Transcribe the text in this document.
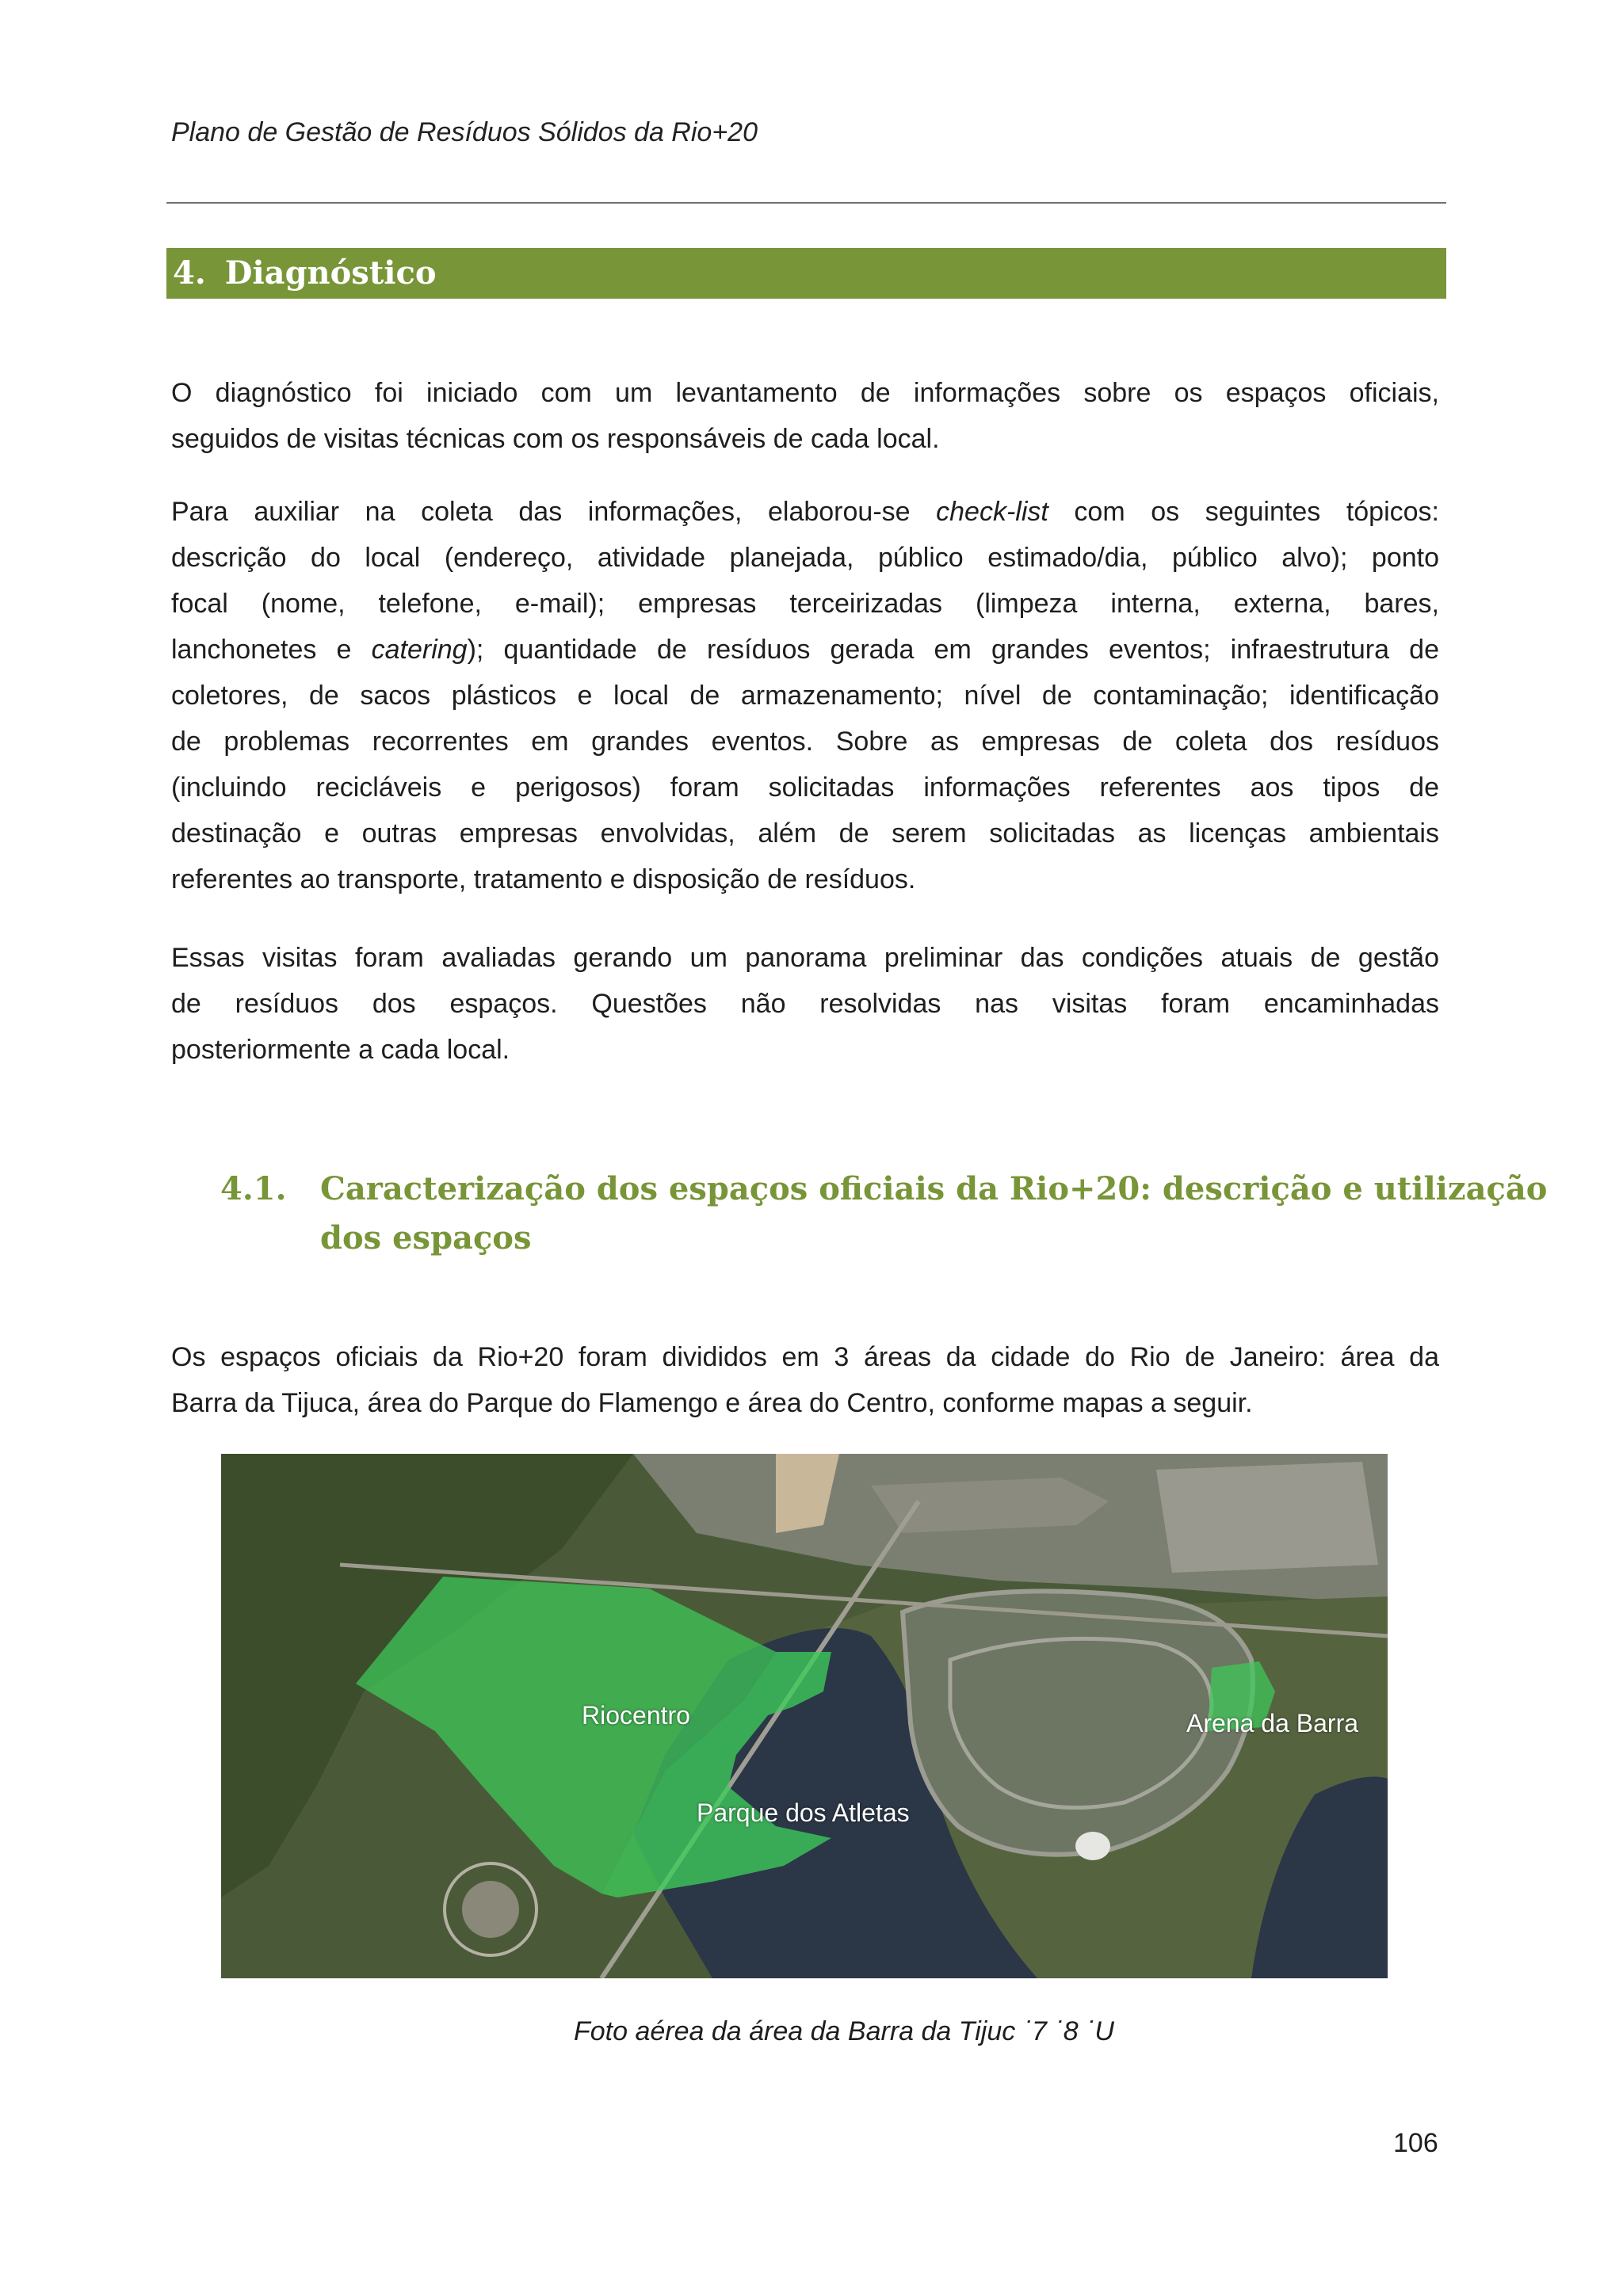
Plano de Gestão de Resíduos Sólidos da Rio+20
4. Diagnóstico
O diagnóstico foi iniciado com um levantamento de informações sobre os espaços oficiais,
seguidos de visitas técnicas com os responsáveis de cada local.
Para auxiliar na coleta das informações, elaborou-se check-list com os seguintes tópicos:
descrição do local (endereço, atividade planejada, público estimado/dia, público alvo); ponto
focal (nome, telefone, e-mail); empresas terceirizadas (limpeza interna, externa, bares,
lanchonetes e catering); quantidade de resíduos gerada em grandes eventos; infraestrutura de
coletores, de sacos plásticos e local de armazenamento; nível de contaminação; identificação
de problemas recorrentes em grandes eventos. Sobre as empresas de coleta dos resíduos
(incluindo recicláveis e perigosos) foram solicitadas informações referentes aos tipos de
destinação e outras empresas envolvidas, além de serem solicitadas as licenças ambientais
referentes ao transporte, tratamento e disposição de resíduos.
Essas visitas foram avaliadas gerando um panorama preliminar das condições atuais de gestão
de resíduos dos espaços. Questões não resolvidas nas visitas foram encaminhadas
posteriormente a cada local.
4.1. Caracterização dos espaços oficiais da Rio+20: descrição e utilização
dos espaços
Os espaços oficiais da Rio+20 foram divididos em 3 áreas da cidade do Rio de Janeiro: área da
Barra da Tijuca, área do Parque do Flamengo e área do Centro, conforme mapas a seguir.
Riocentro
Parque dos Atletas
Arena da Barra
Foto aérea da área da Barra da Tijuc ˙7 ˙8 ˙U
106
